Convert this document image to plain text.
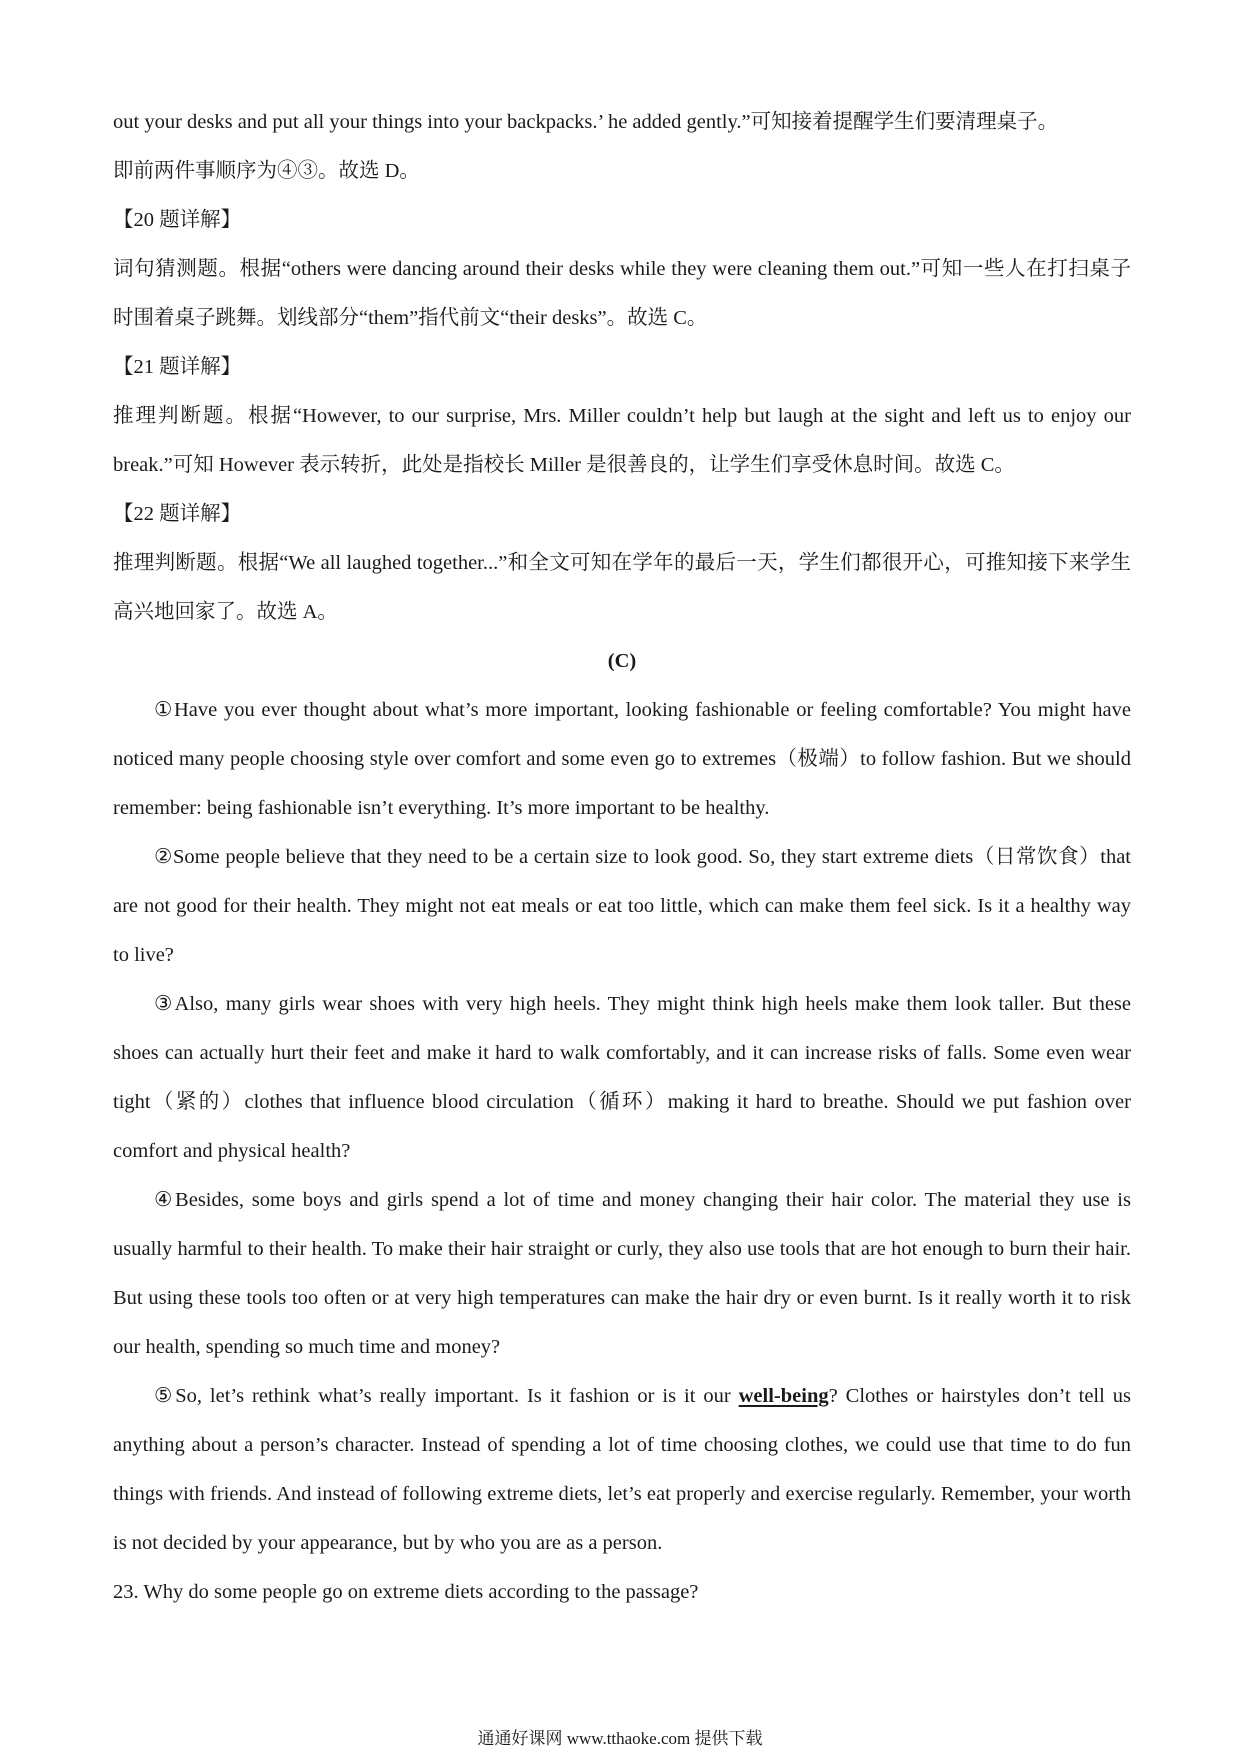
out your desks and put all your things into your backpacks.’ he added gently.”可知接着提醒学生们要清理桌子。

即前两件事顺序为④③。故选 D。

【20 题详解】

词句猜测题。根据“others were dancing around their desks while they were cleaning them out.”可知一些人在打扫桌子时围着桌子跳舞。划线部分“them”指代前文“their desks”。故选 C。

【21 题详解】

推理判断题。根据“However, to our surprise, Mrs. Miller couldn’t help but laugh at the sight and left us to enjoy our break.”可知 However 表示转折，此处是指校长 Miller 是很善良的，让学生们享受休息时间。故选 C。

【22 题详解】

推理判断题。根据“We all laughed together...”和全文可知在学年的最后一天，学生们都很开心，可推知接下来学生高兴地回家了。故选 A。

(C)

①Have you ever thought about what’s more important, looking fashionable or feeling comfortable? You might have noticed many people choosing style over comfort and some even go to extremes（极端）to follow fashion. But we should remember: being fashionable isn’t everything. It’s more important to be healthy.

②Some people believe that they need to be a certain size to look good. So, they start extreme diets（日常饮食）that are not good for their health. They might not eat meals or eat too little, which can make them feel sick. Is it a healthy way to live?

③Also, many girls wear shoes with very high heels. They might think high heels make them look taller. But these shoes can actually hurt their feet and make it hard to walk comfortably, and it can increase risks of falls. Some even wear tight（紧的）clothes that influence blood circulation（循环）making it hard to breathe. Should we put fashion over comfort and physical health?

④Besides, some boys and girls spend a lot of time and money changing their hair color. The material they use is usually harmful to their health. To make their hair straight or curly, they also use tools that are hot enough to burn their hair. But using these tools too often or at very high temperatures can make the hair dry or even burnt. Is it really worth it to risk our health, spending so much time and money?

⑤So, let’s rethink what’s really important. Is it fashion or is it our well-being? Clothes or hairstyles don’t tell us anything about a person’s character. Instead of spending a lot of time choosing clothes, we could use that time to do fun things with friends. And instead of following extreme diets, let’s eat properly and exercise regularly. Remember, your worth is not decided by your appearance, but by who you are as a person.

23. Why do some people go on extreme diets according to the passage?

通通好课网 www.tthaoke.com 提供下载
